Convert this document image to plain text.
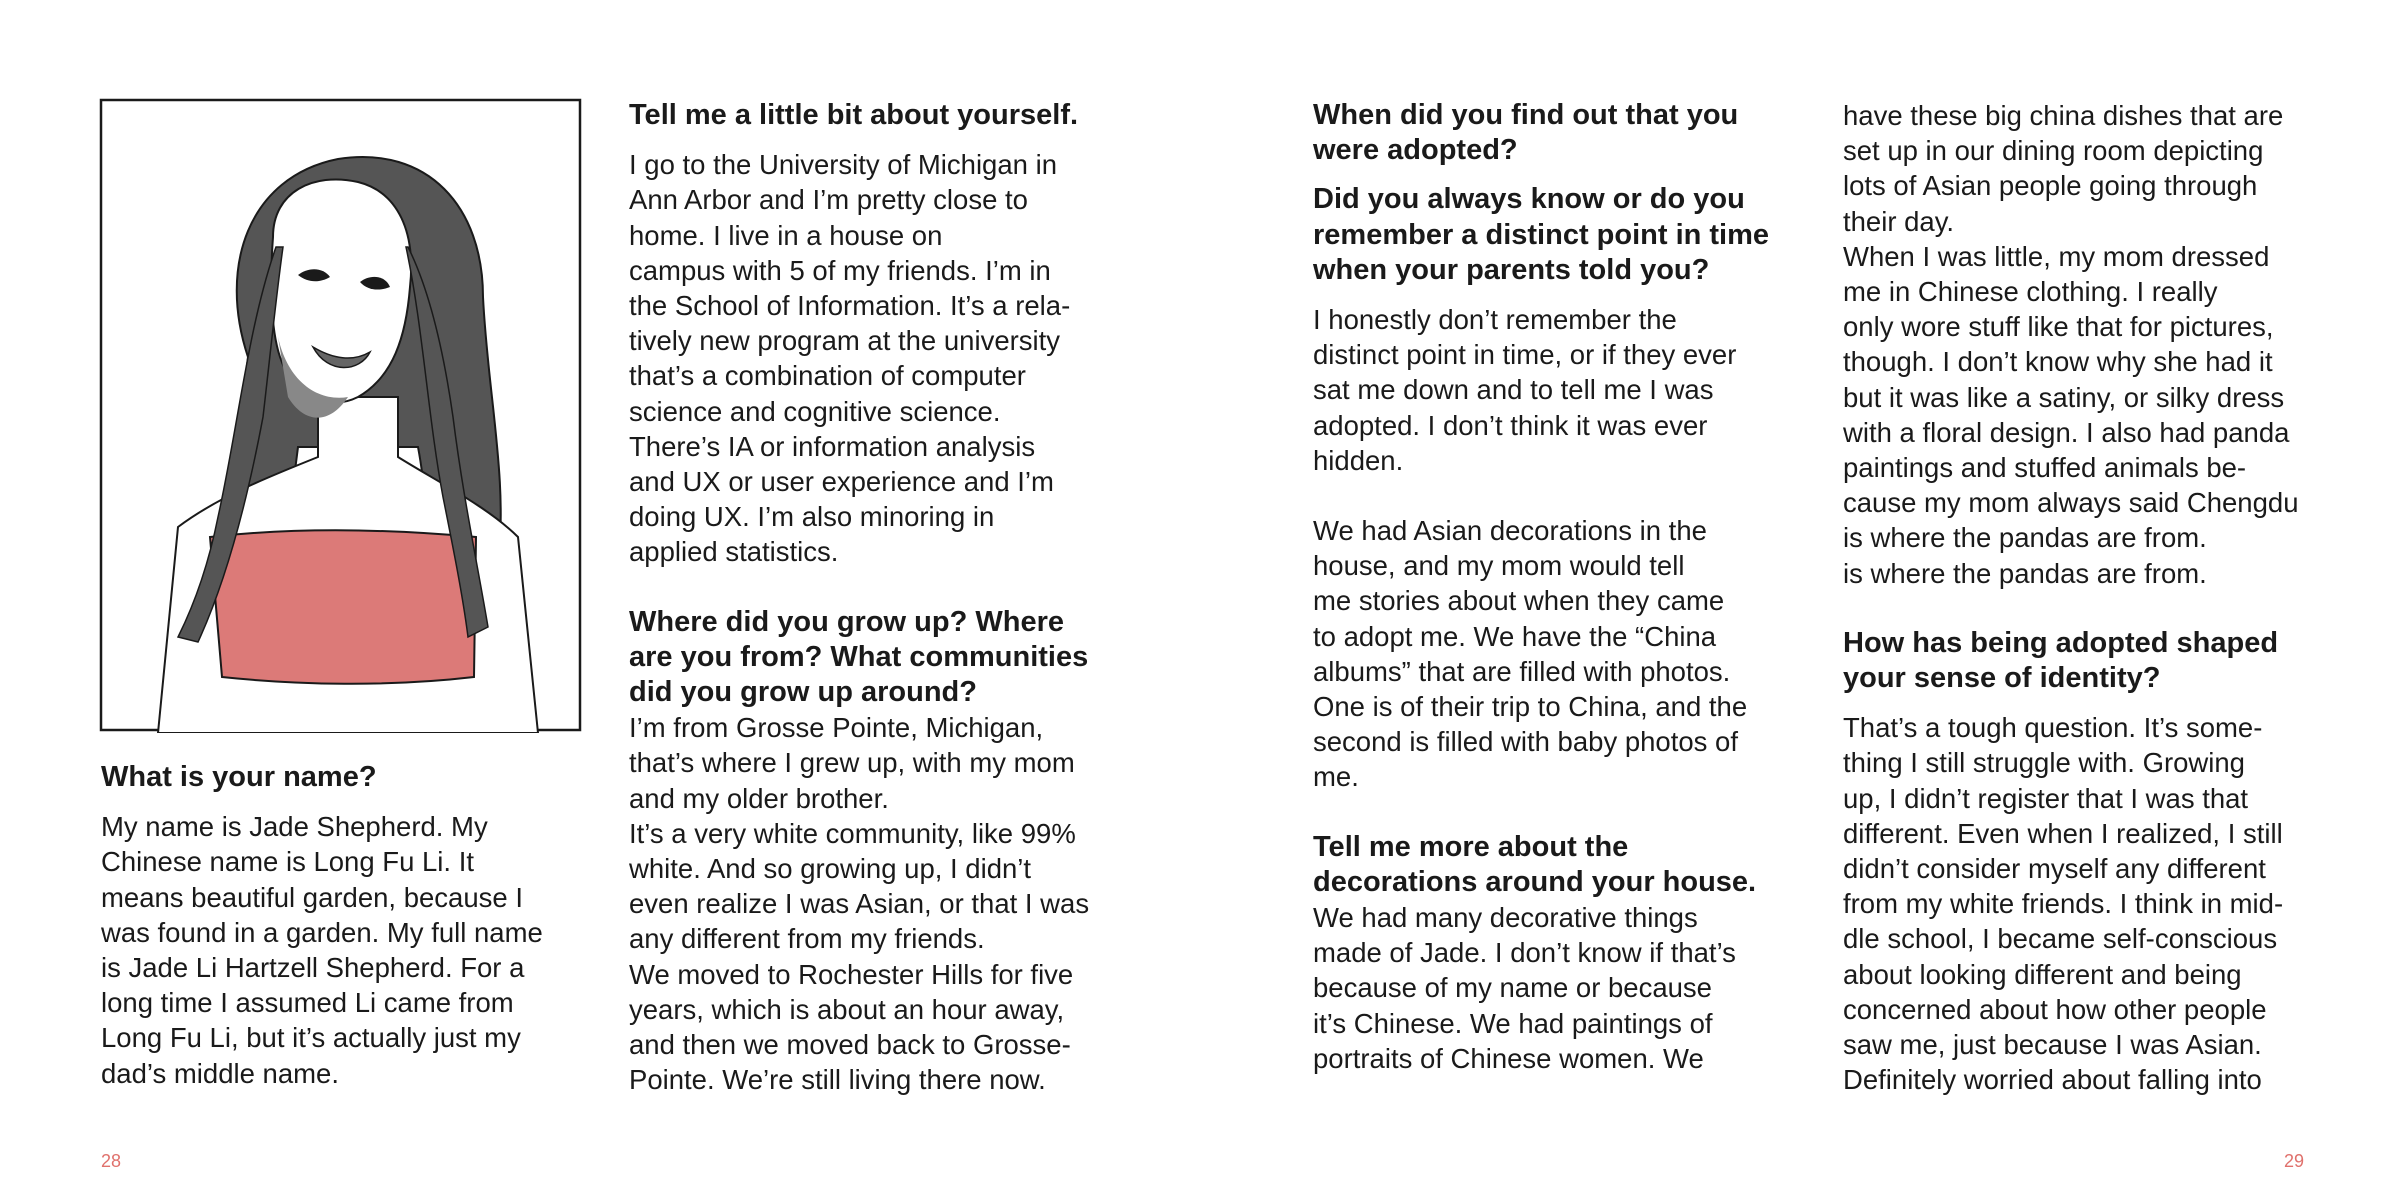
What is your name?

My name is Jade Shepherd. My
Chinese name is Long Fu Li. It
means beautiful garden, because I
was found in a garden. My full name
is Jade Li Hartzell Shepherd. For a
long time I assumed Li came from
Long Fu Li, but it’s actually just my
dad’s middle name.

Tell me a little bit about yourself.

I go to the University of Michigan in
Ann Arbor and I’m pretty close to
home. I live in a house on
campus with 5 of my friends. I’m in
the School of Information. It’s a rela-
tively new program at the university
that’s a combination of computer
science and cognitive science.
There’s IA or information analysis
and UX or user experience and I’m
doing UX. I’m also minoring in
applied statistics.

Where did you grow up? Where
are you from? What communities
did you grow up around?

I’m from Grosse Pointe, Michigan,
that’s where I grew up, with my mom
and my older brother.
It’s a very white community, like 99%
white. And so growing up, I didn’t
even realize I was Asian, or that I was
any different from my friends.
We moved to Rochester Hills for five
years, which is about an hour away,
and then we moved back to Grosse-
Pointe. We’re still living there now.

When did you find out that you
were adopted?
Did you always know or do you
remember a distinct point in time
when your parents told you?

I honestly don’t remember the
distinct point in time, or if they ever
sat me down and to tell me I was
adopted. I don’t think it was ever
hidden.

We had Asian decorations in the
house, and my mom would tell
me stories about when they came
to adopt me. We have the “China
albums” that are filled with photos.
One is of their trip to China, and the
second is filled with baby photos of
me.

Tell me more about the
decorations around your house.

We had many decorative things
made of Jade. I don’t know if that’s
because of my name or because
it’s Chinese. We had paintings of
portraits of Chinese women. We

have these big china dishes that are
set up in our dining room depicting
lots of Asian people going through
their day.
When I was little, my mom dressed
me in Chinese clothing. I really
only wore stuff like that for pictures,
though. I don’t know why she had it
but it was like a satiny, or silky dress
with a floral design. I also had panda
paintings and stuffed animals be-
cause my mom always said Chengdu
is where the pandas are from.
is where the pandas are from.

How has being adopted shaped
your sense of identity?

That’s a tough question. It’s some-
thing I still struggle with. Growing
up, I didn’t register that I was that
different. Even when I realized, I still
didn’t consider myself any different
from my white friends. I think in mid-
dle school, I became self-conscious
about looking different and being
concerned about how other people
saw me, just because I was Asian.
Definitely worried about falling into

28	29
